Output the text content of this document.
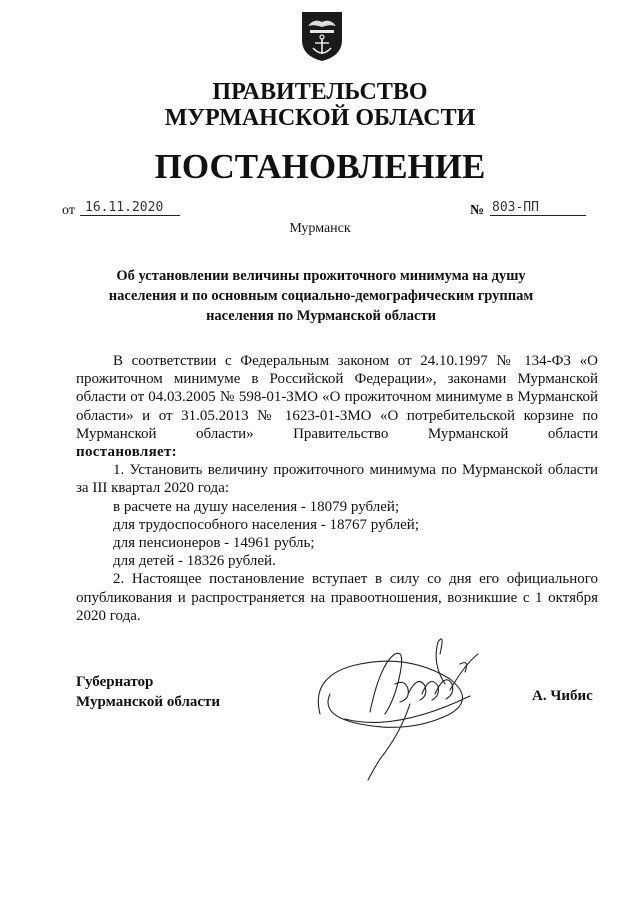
ПРАВИТЕЛЬСТВО
МУРМАНСКОЙ ОБЛАСТИ
ПОСТАНОВЛЕНИЕ
от 16.11.2020	№ 803-ПП
Мурманск
Об установлении величины прожиточного минимума на душу
населения и по основным социально-демографическим группам
населения по Мурманской области

В соответствии с Федеральным законом от 24.10.1997 № 134-ФЗ «О прожиточном минимуме в Российской Федерации», законами Мурманской области от 04.03.2005 № 598-01-ЗМО «О прожиточном минимуме в Мурманской области» и от 31.05.2013 № 1623-01-ЗМО «О потребительской корзине по Мурманской области» Правительство Мурманской области

постановляет:

1. Установить величину прожиточного минимума по Мурманской области за III квартал 2020 года:

в расчете на душу населения - 18079 рублей;
для трудоспособного населения - 18767 рублей;
для пенсионеров - 14961 рубль;
для детей - 18326 рублей.

2. Настоящее постановление вступает в силу со дня его официального опубликования и распространяется на правоотношения, возникшие с 1 октября 2020 года.

Губернатор
Мурманской области	А. Чибис
